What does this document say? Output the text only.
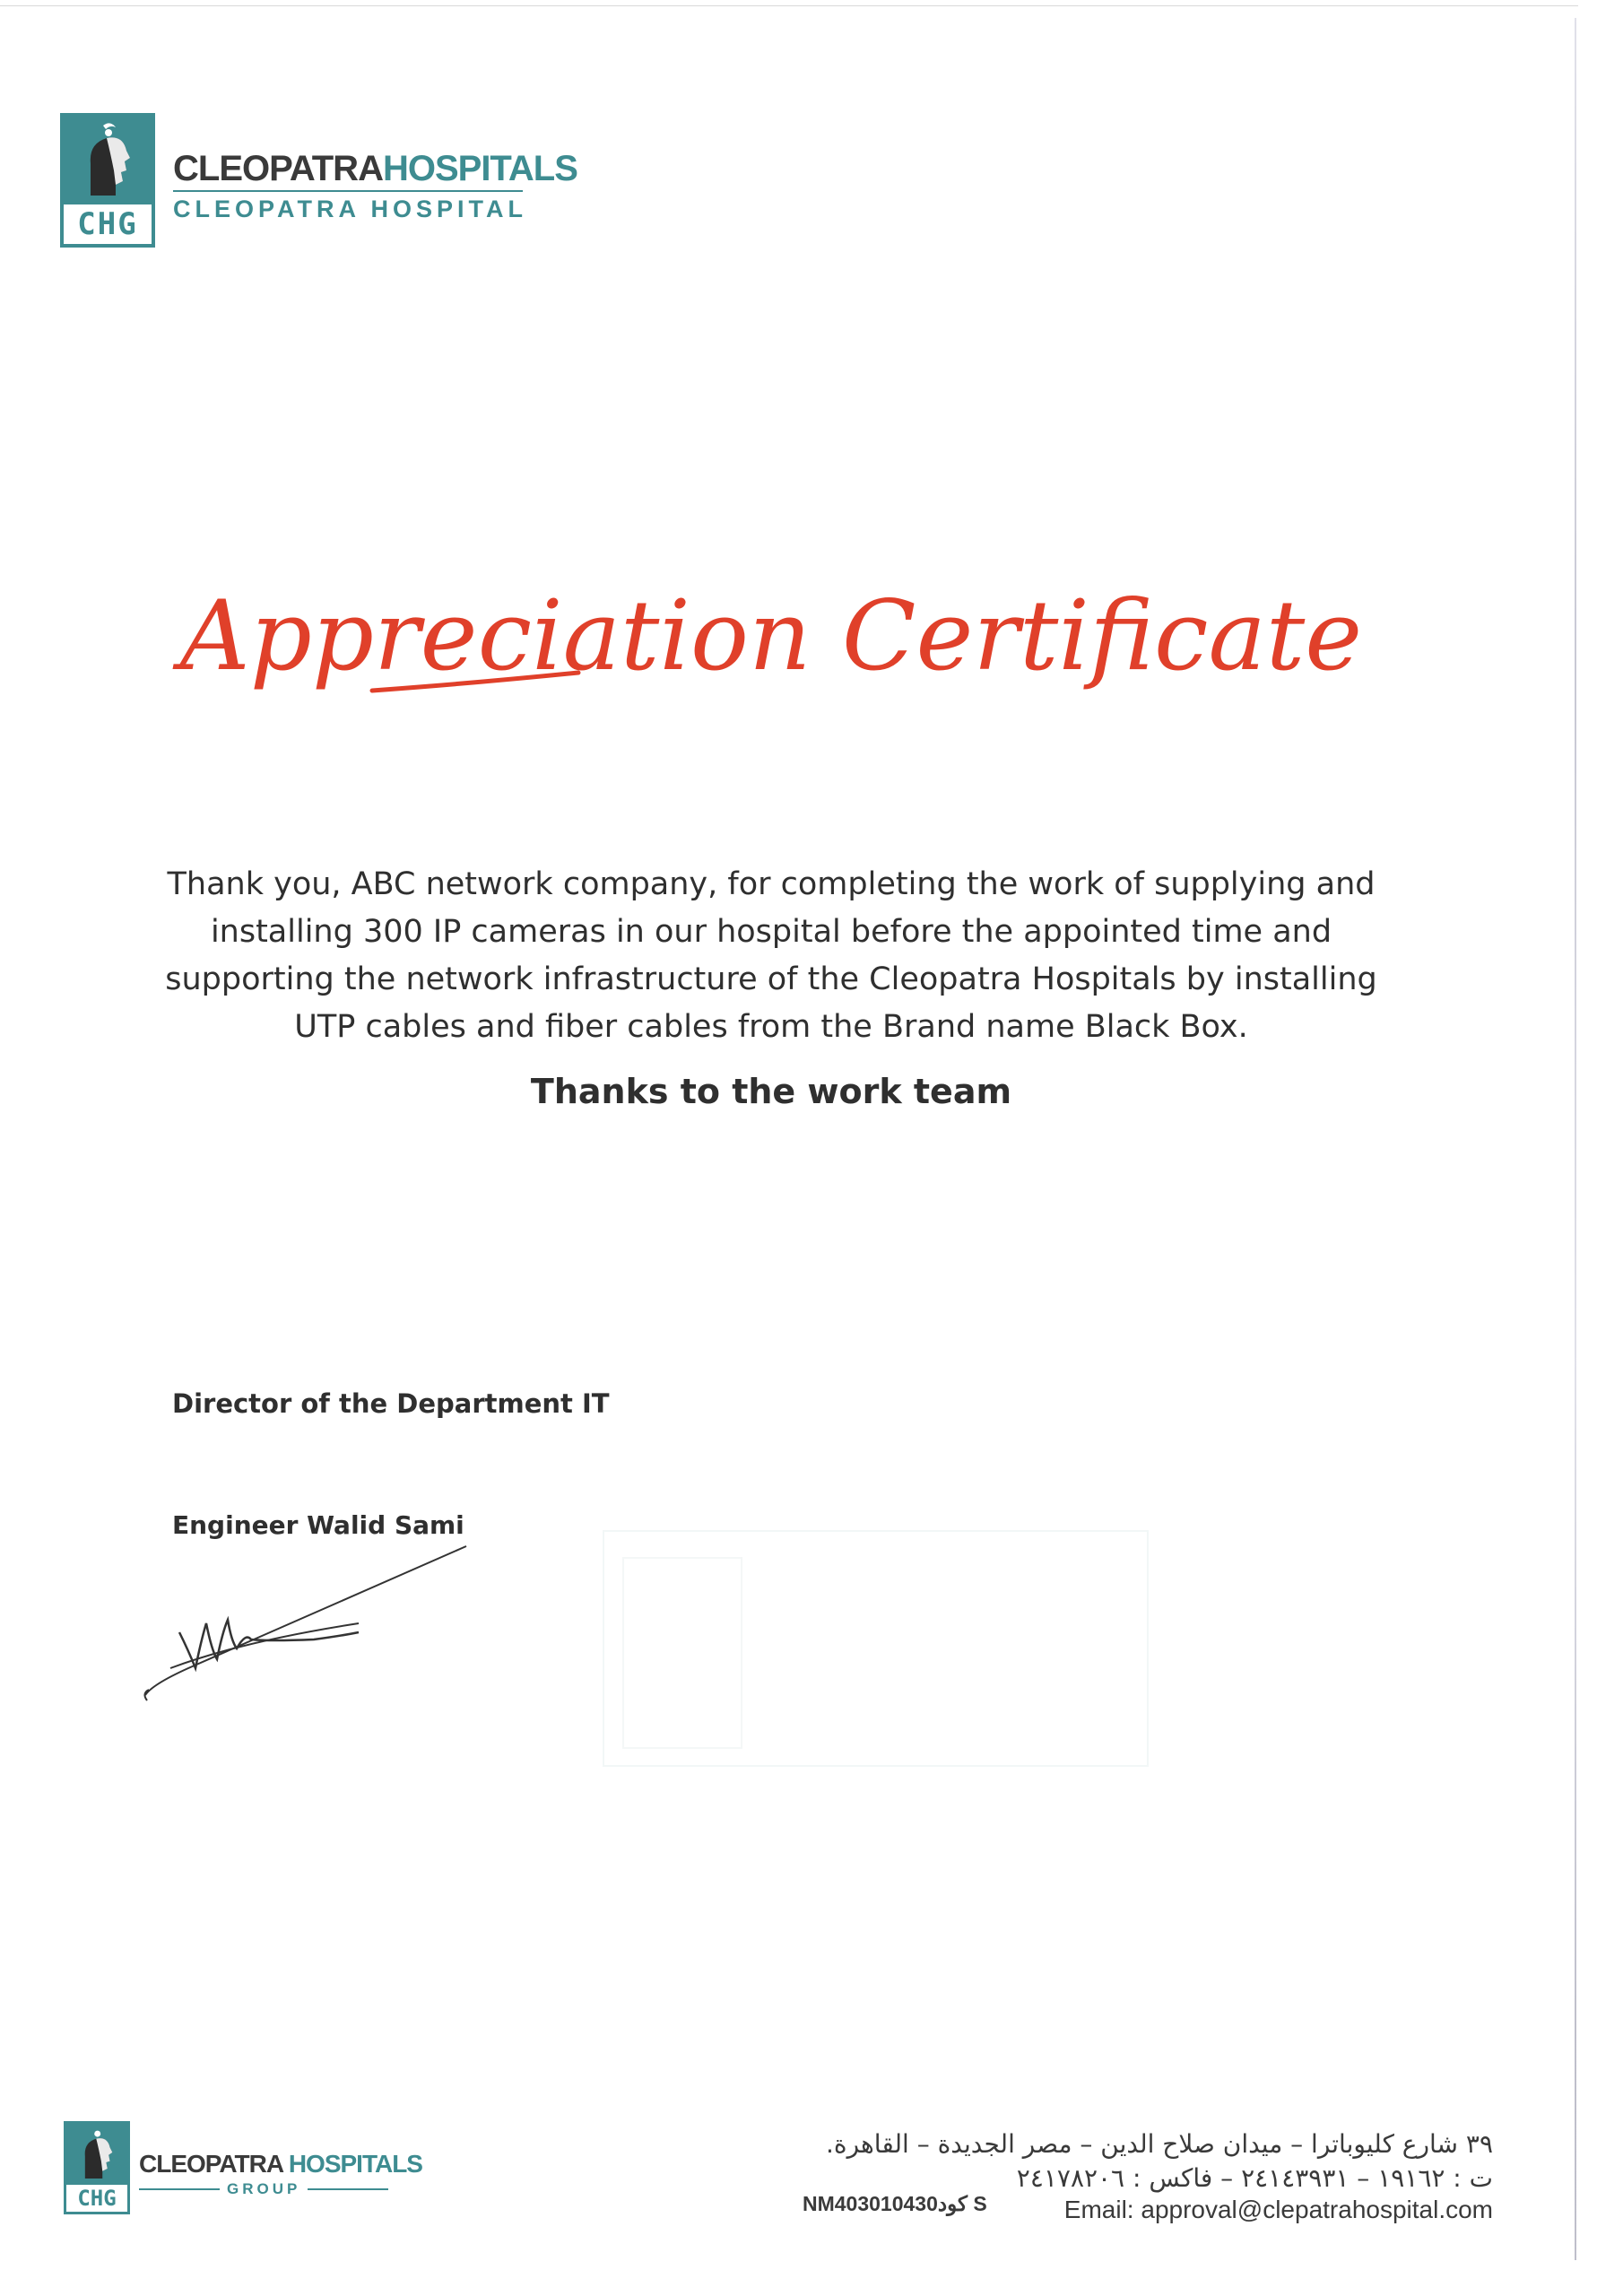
CHG
CLEOPATRAHOSPITALS
CLEOPATRA HOSPITAL
Appreciation Certificate
Thank you, ABC network company, for completing the work of supplying and installing 300 IP cameras in our hospital before the appointed time and supporting the network infrastructure of the Cleopatra Hospitals by installing UTP cables and fiber cables from the Brand name Black Box.
Thanks to the work team
Director of the Department IT
Engineer Walid Sami
CHG
CLEOPATRA HOSPITALS
GROUP
٣٩ شارع كليوباترا – ميدان صلاح الدين – مصر الجديدة – القاهرة.
ت : ١٩١٦٢ – ٢٤١٤٣٩٣١ – فاكس : ٢٤١٧٨٢٠٦
Email: approval@clepatrahospital.com
NM403010430كود S
